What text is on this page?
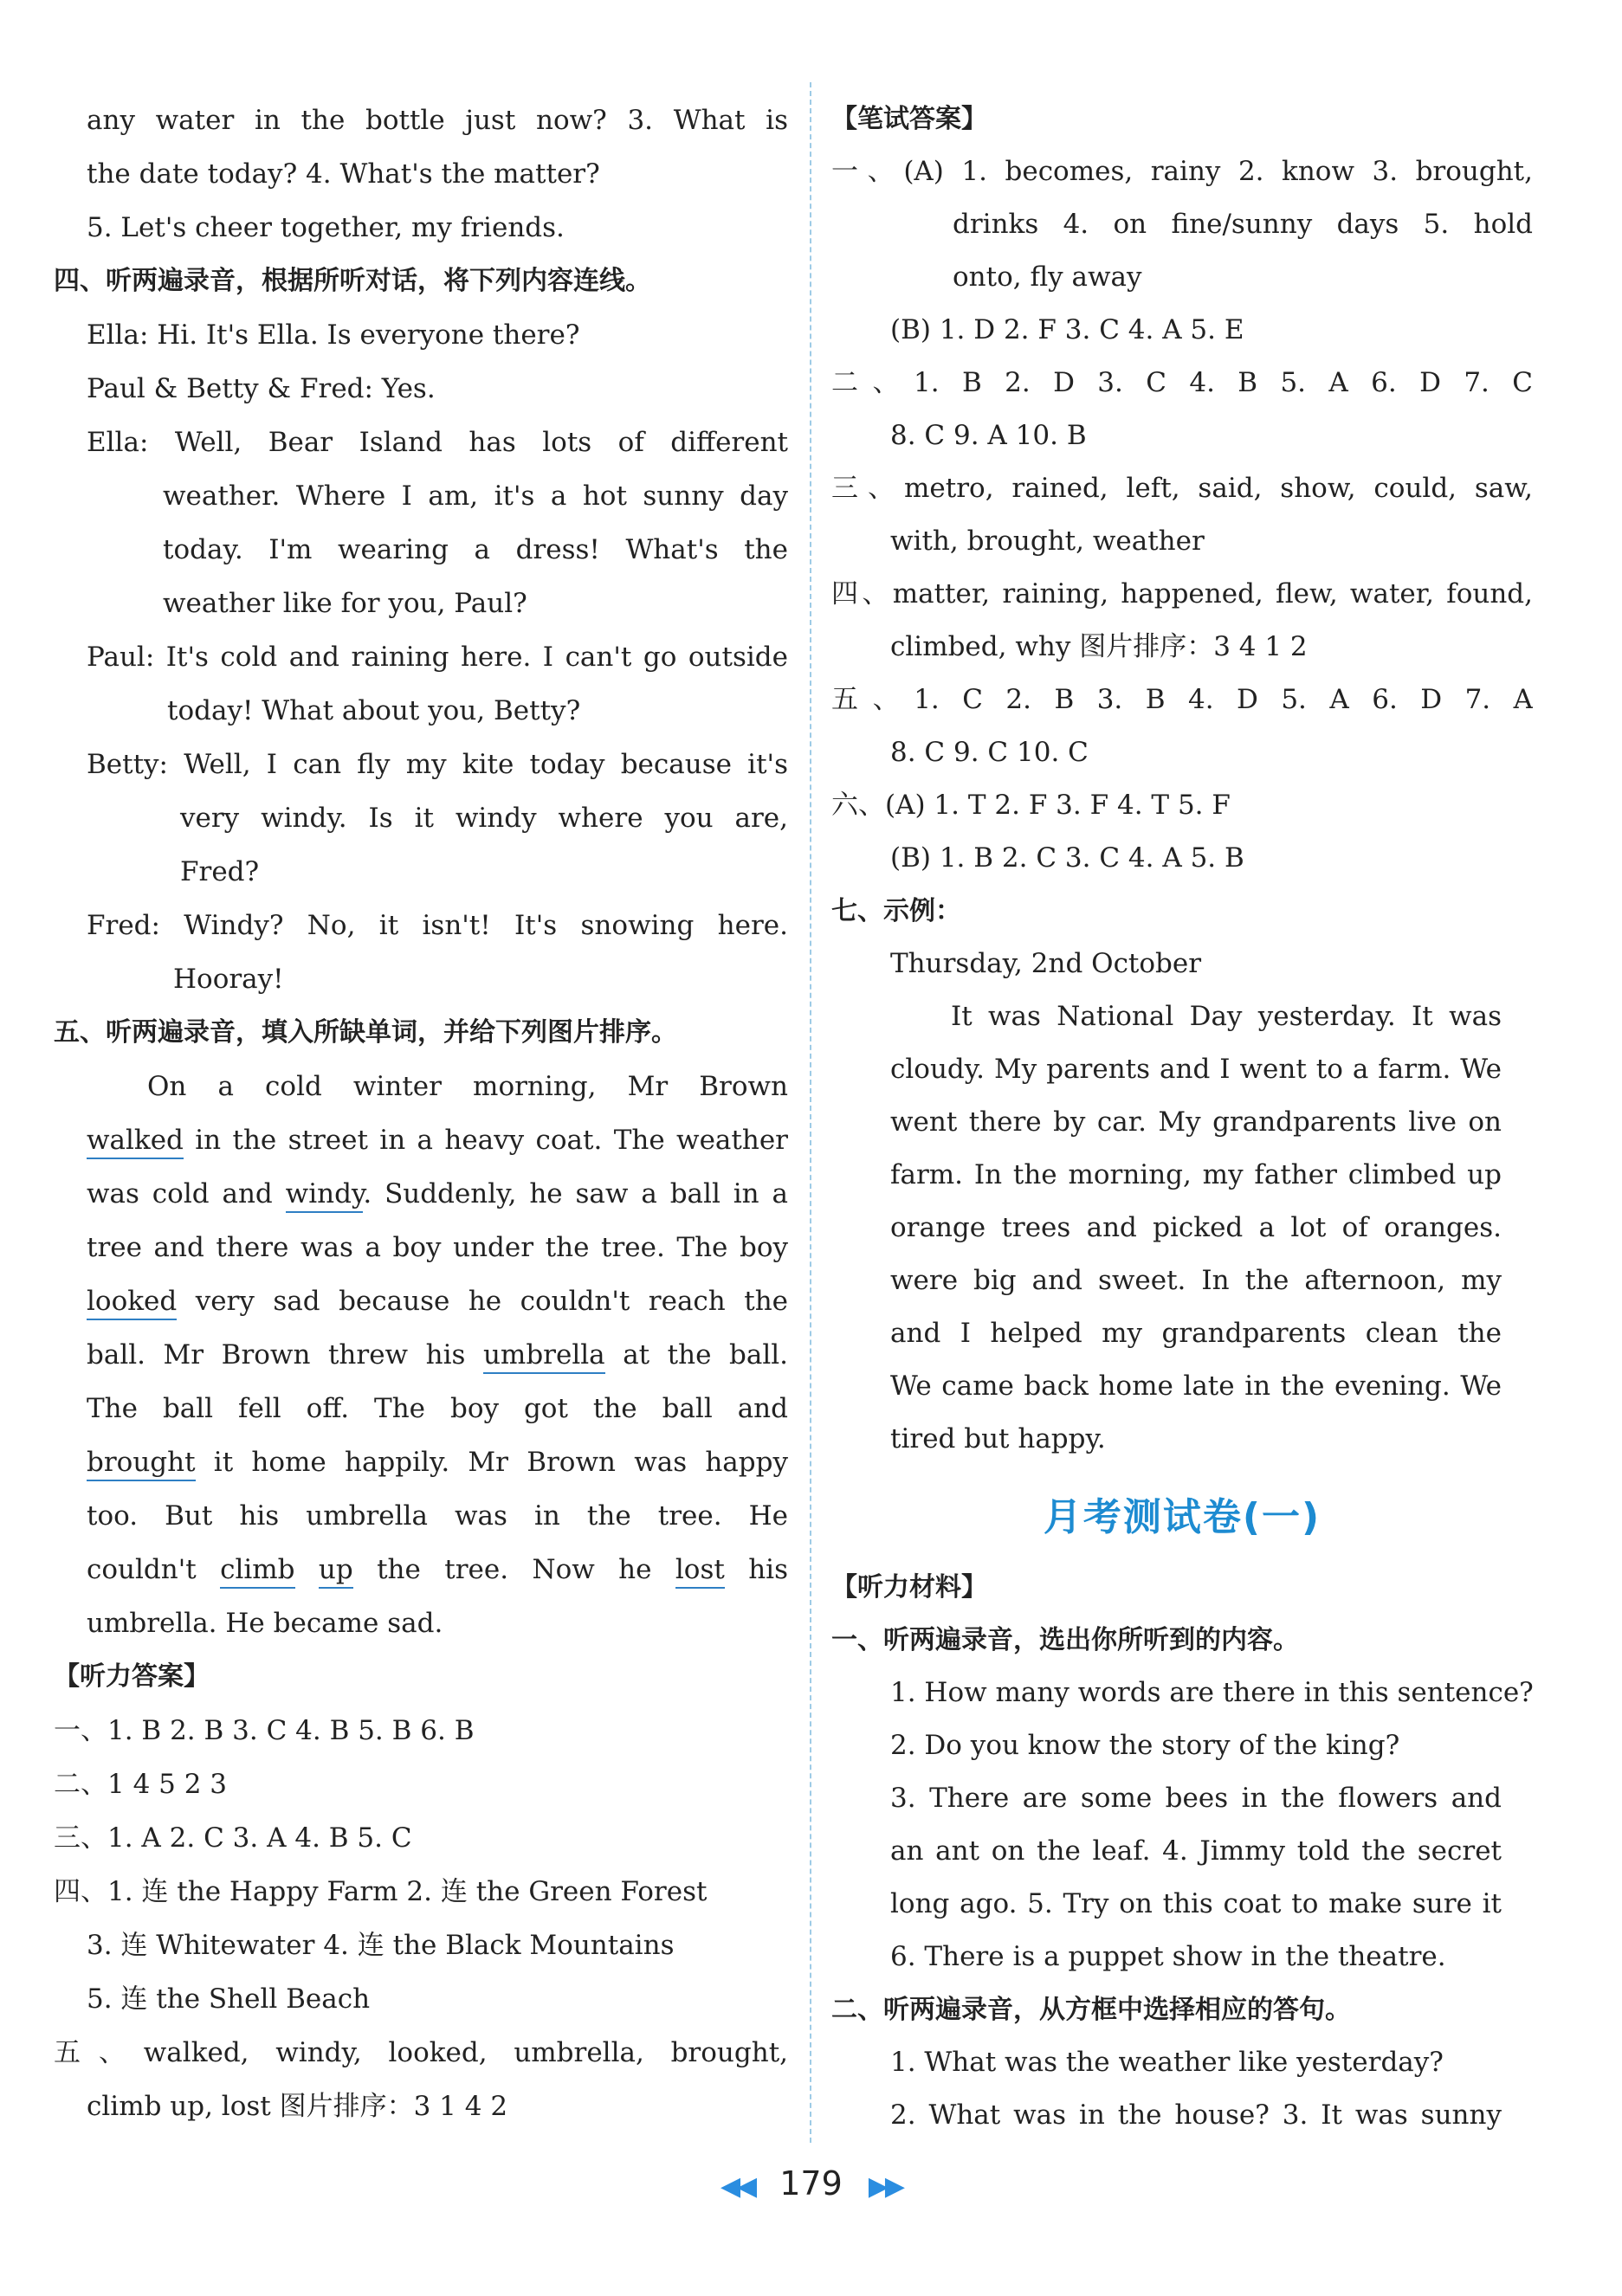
any water in the bottle just now? 3. What is
the date today? 4. What's the matter?
5. Let's cheer together, my friends.
四、听两遍录音，根据所听对话，将下列内容连线。
Ella: Hi. It's Ella. Is everyone there?
Paul & Betty & Fred: Yes.
Ella: Well, Bear Island has lots of different
weather. Where I am, it's a hot sunny day
today. I'm wearing a dress! What's the
weather like for you, Paul?
Paul: It's cold and raining here. I can't go outside
today! What about you, Betty?
Betty: Well, I can fly my kite today because it's
very windy. Is it windy where you are,
Fred?
Fred: Windy? No, it isn't! It's snowing here.
Hooray!
五、听两遍录音，填入所缺单词，并给下列图片排序。
On a cold winter morning, Mr Brown
walked in the street in a heavy coat. The weather
was cold and windy. Suddenly, he saw a ball in a
tree and there was a boy under the tree. The boy
looked very sad because he couldn't reach the
ball. Mr Brown threw his umbrella at the ball.
The ball fell off. The boy got the ball and
brought it home happily. Mr Brown was happy
too. But his umbrella was in the tree. He
couldn't climb up the tree. Now he lost his
umbrella. He became sad.
【听力答案】
一、1. B 2. B 3. C 4. B 5. B 6. B
二、1 4 5 2 3
三、1. A 2. C 3. A 4. B 5. C
四、1. 连 the Happy Farm 2. 连 the Green Forest
3. 连 Whitewater 4. 连 the Black Mountains
5. 连 the Shell Beach
五、walked, windy, looked, umbrella, brought,
climb up, lost 图片排序：3 1 4 2
【笔试答案】
一、(A) 1. becomes, rainy 2. know 3. brought,
drinks 4. on fine/sunny days 5. hold
onto, fly away
(B) 1. D 2. F 3. C 4. A 5. E
二、1. B 2. D 3. C 4. B 5. A 6. D 7. C
8. C 9. A 10. B
三、metro, rained, left, said, show, could, saw,
with, brought, weather
四、matter, raining, happened, flew, water, found,
climbed, why 图片排序：3 4 1 2
五、1. C 2. B 3. B 4. D 5. A 6. D 7. A
8. C 9. C 10. C
六、(A) 1. T 2. F 3. F 4. T 5. F
(B) 1. B 2. C 3. C 4. A 5. B
七、示例：
Thursday, 2nd October
It was National Day yesterday. It was
cloudy. My parents and I went to a farm. We
went there by car. My grandparents live on
farm. In the morning, my father climbed up
orange trees and picked a lot of oranges.
were big and sweet. In the afternoon, my
and I helped my grandparents clean the
We came back home late in the evening. We
tired but happy.
月考测试卷(一)
【听力材料】
一、听两遍录音，选出你所听到的内容。
1. How many words are there in this sentence?
2. Do you know the story of the king?
3. There are some bees in the flowers and
an ant on the leaf. 4. Jimmy told the secret
long ago. 5. Try on this coat to make sure it
6. There is a puppet show in the theatre.
二、听两遍录音，从方框中选择相应的答句。
1. What was the weather like yesterday?
2. What was in the house? 3. It was sunny
◀◀ 179 ▶▶
